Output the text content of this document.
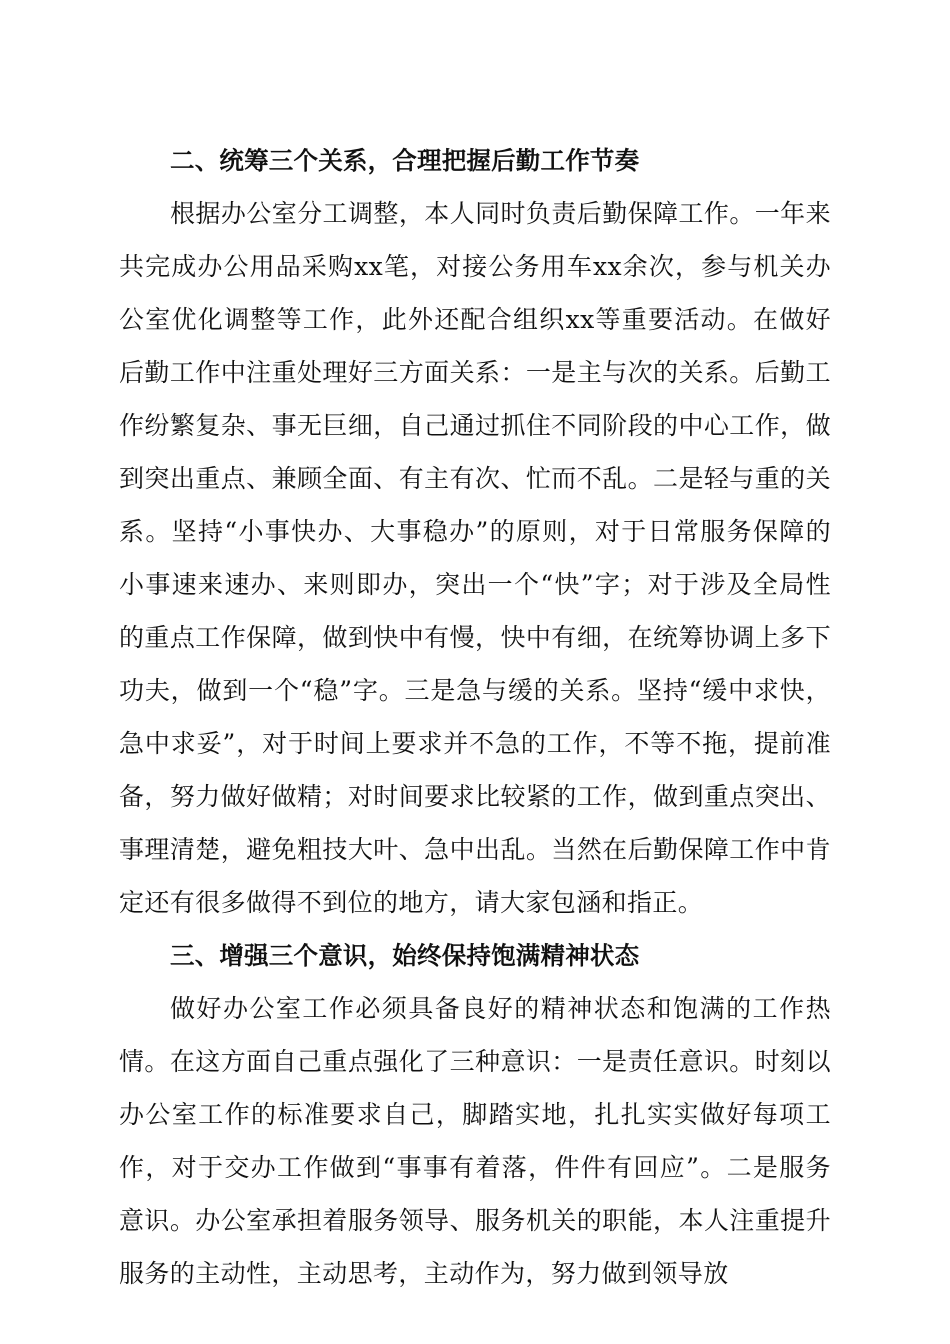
二、统筹三个关系，合理把握后勤工作节奏

根据办公室分工调整，本人同时负责后勤保障工作。一年来共完成办公用品采购xx笔，对接公务用车xx余次，参与机关办公室优化调整等工作，此外还配合组织xx等重要活动。在做好后勤工作中注重处理好三方面关系：一是主与次的关系。后勤工作纷繁复杂、事无巨细，自己通过抓住不同阶段的中心工作，做到突出重点、兼顾全面、有主有次、忙而不乱。二是轻与重的关系。坚持“小事快办、大事稳办”的原则，对于日常服务保障的小事速来速办、来则即办，突出一个“快”字；对于涉及全局性的重点工作保障，做到快中有慢，快中有细，在统筹协调上多下功夫，做到一个“稳”字。三是急与缓的关系。坚持“缓中求快，急中求妥”，对于时间上要求并不急的工作，不等不拖，提前准备，努力做好做精；对时间要求比较紧的工作，做到重点突出、事理清楚，避免粗技大叶、急中出乱。当然在后勤保障工作中肯定还有很多做得不到位的地方，请大家包涵和指正。

三、增强三个意识，始终保持饱满精神状态

做好办公室工作必须具备良好的精神状态和饱满的工作热情。在这方面自己重点强化了三种意识：一是责任意识。时刻以办公室工作的标准要求自己，脚踏实地，扎扎实实做好每项工作，对于交办工作做到“事事有着落，件件有回应”。二是服务意识。办公室承担着服务领导、服务机关的职能，本人注重提升服务的主动性，主动思考，主动作为，努力做到领导放
